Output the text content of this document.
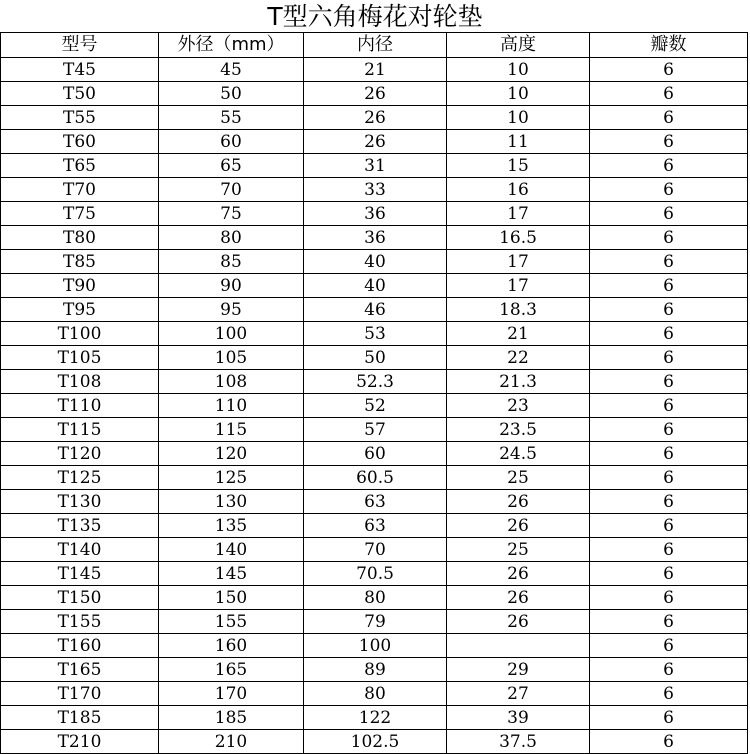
T型六角梅花对轮垫
型号	外径（mm）	内径	高度	瓣数
T45	45	21	10	6
T50	50	26	10	6
T55	55	26	10	6
T60	60	26	11	6
T65	65	31	15	6
T70	70	33	16	6
T75	75	36	17	6
T80	80	36	16.5	6
T85	85	40	17	6
T90	90	40	17	6
T95	95	46	18.3	6
T100	100	53	21	6
T105	105	50	22	6
T108	108	52.3	21.3	6
T110	110	52	23	6
T115	115	57	23.5	6
T120	120	60	24.5	6
T125	125	60.5	25	6
T130	130	63	26	6
T135	135	63	26	6
T140	140	70	25	6
T145	145	70.5	26	6
T150	150	80	26	6
T155	155	79	26	6
T160	160	100		6
T165	165	89	29	6
T170	170	80	27	6
T185	185	122	39	6
T210	210	102.5	37.5	6
